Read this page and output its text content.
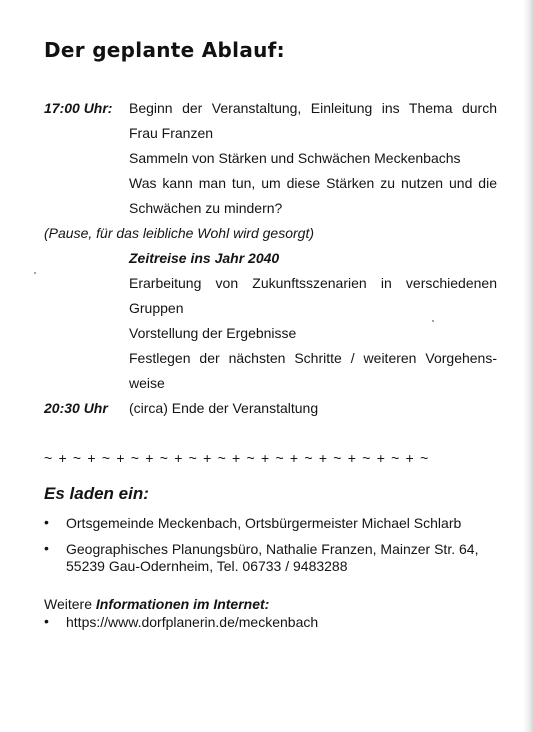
Der geplante Ablauf:
17:00 Uhr: Beginn der Veranstaltung, Einleitung ins Thema durch
Frau Franzen
Sammeln von Stärken und Schwächen Meckenbachs
Was kann man tun, um diese Stärken zu nutzen und die
Schwächen zu mindern?
(Pause, für das leibliche Wohl wird gesorgt)
Zeitreise ins Jahr 2040
Erarbeitung von Zukunftsszenarien in verschiedenen
Gruppen
Vorstellung der Ergebnisse
Festlegen der nächsten Schritte / weiteren Vorgehens-
weise
20:30 Uhr (circa) Ende der Veranstaltung
~ + ~ + ~ + ~ + ~ + ~ + ~ + ~ + ~ + ~ + ~ + ~ + ~ + ~
Es laden ein:
• Ortsgemeinde Meckenbach, Ortsbürgermeister Michael Schlarb
• Geographisches Planungsbüro, Nathalie Franzen, Mainzer Str. 64,
55239 Gau-Odernheim, Tel. 06733 / 9483288
Weitere Informationen im Internet:
• https://www.dorfplanerin.de/meckenbach
